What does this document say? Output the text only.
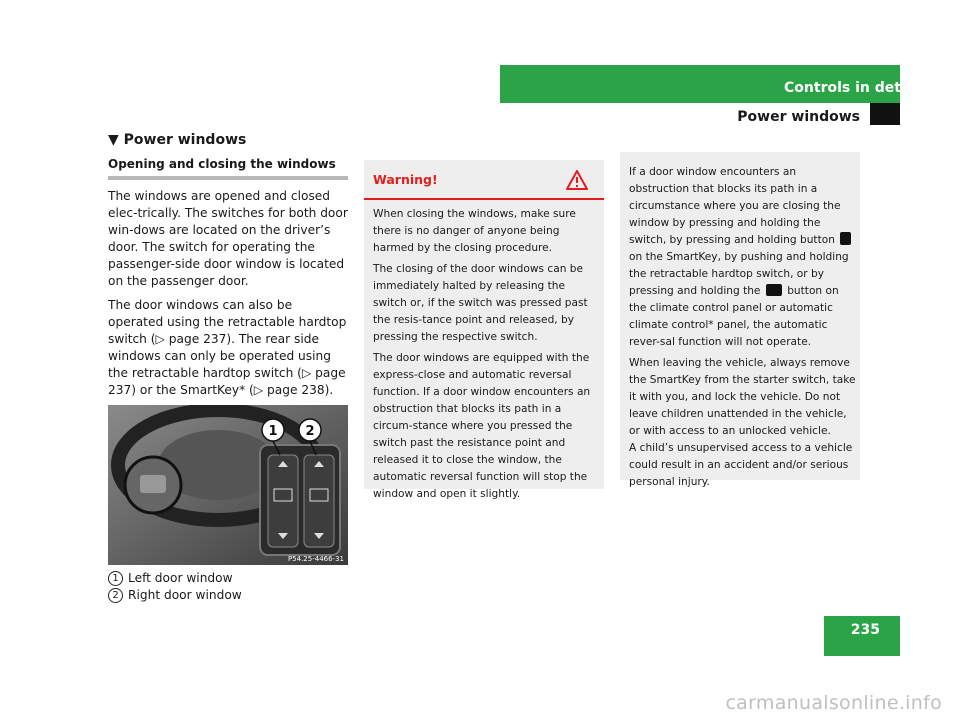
Controls in detail
Power windows
▼ Power windows
Opening and closing the windows

The windows are opened and closed elec-trically. The switches for both door win-dows are located on the driver’s door. The switch for operating the passenger-side door window is located on the passenger door.

The door windows can also be operated using the retractable hardtop switch (▷ page 237). The rear side windows can only be operated using the retractable hardtop switch (▷ page 237) or the SmartKey* (▷ page 238).

1 2
P54.25-4466-31
1 Left door window
2 Right door window
Warning!

When closing the windows, make sure there is no danger of anyone being harmed by the closing procedure.

The closing of the door windows can be immediately halted by releasing the switch or, if the switch was pressed past the resis-tance point and released, by pressing the respective switch.

The door windows are equipped with the express-close and automatic reversal function. If a door window encounters an obstruction that blocks its path in a circum-stance where you pressed the switch past the resistance point and released it to close the window, the automatic reversal function will stop the window and open it slightly.

If a door window encounters an obstruction that blocks its path in a circumstance where you are closing the window by pressing and holding the switch, by pressing and holding button  on the SmartKey, by pushing and holding the retractable hardtop switch, or by pressing and holding the	button on the climate control panel or automatic climate control* panel, the automatic rever-sal function will not operate.

When leaving the vehicle, always remove the SmartKey from the starter switch, take it with you, and lock the vehicle. Do not leave children unattended in the vehicle, or with access to an unlocked vehicle.
A child’s unsupervised access to a vehicle could result in an accident and/or serious personal injury.

235
carmanualsonline.info
